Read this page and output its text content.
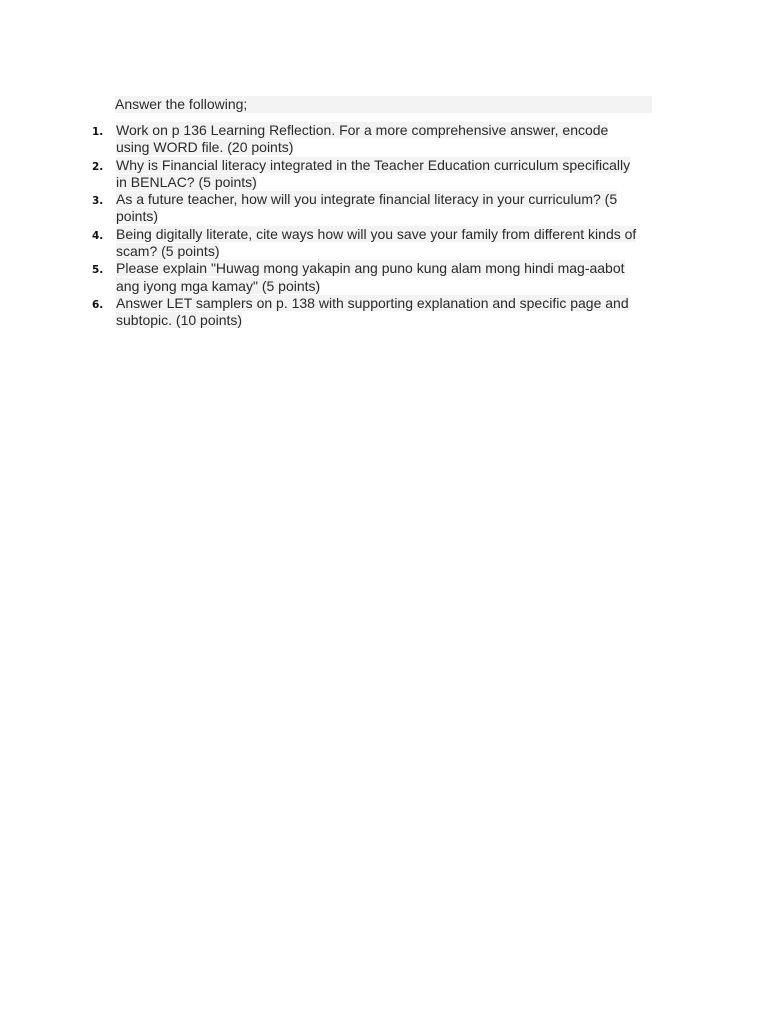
Answer the following;
1. Work on p 136 Learning Reflection. For a more comprehensive answer, encode using WORD file. (20 points)
2. Why is Financial literacy integrated in the Teacher Education curriculum specifically in BENLAC? (5 points)
3. As a future teacher, how will you integrate financial literacy in your curriculum? (5 points)
4. Being digitally literate, cite ways how will you save your family from different kinds of scam? (5 points)
5. Please explain "Huwag mong yakapin ang puno kung alam mong hindi mag-aabot ang iyong mga kamay" (5 points)
6. Answer LET samplers on p. 138 with supporting explanation and specific page and subtopic. (10 points)
